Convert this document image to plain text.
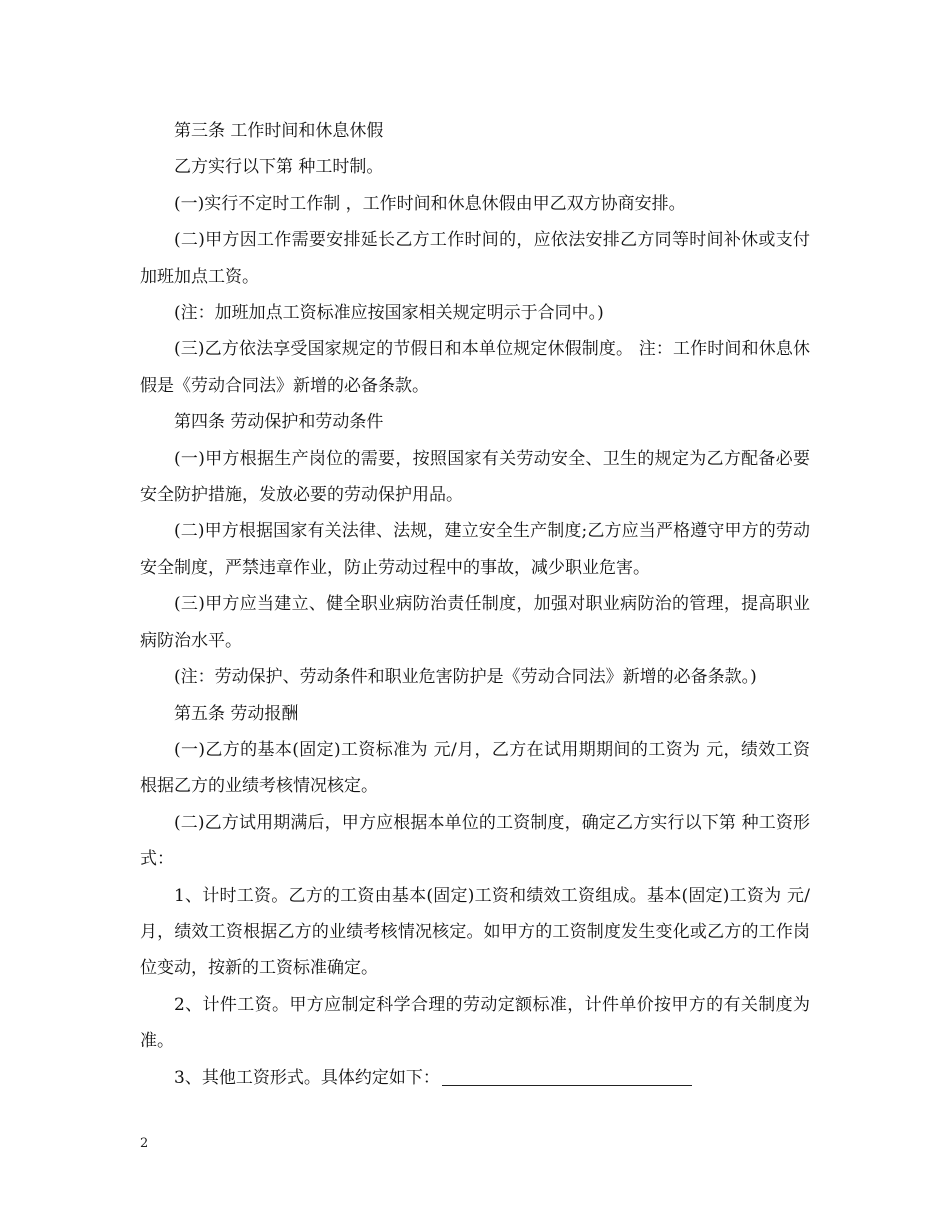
第三条 工作时间和休息休假

乙方实行以下第 种工时制。

(一)实行不定时工作制 ，工作时间和休息休假由甲乙双方协商安排。

(二)甲方因工作需要安排延长乙方工作时间的，应依法安排乙方同等时间补休或支付加班加点工资。

(注：加班加点工资标准应按国家相关规定明示于合同中。)

(三)乙方依法享受国家规定的节假日和本单位规定休假制度。 注：工作时间和休息休假是《劳动合同法》新增的必备条款。

第四条 劳动保护和劳动条件

(一)甲方根据生产岗位的需要，按照国家有关劳动安全、卫生的规定为乙方配备必要安全防护措施，发放必要的劳动保护用品。

(二)甲方根据国家有关法律、法规，建立安全生产制度;乙方应当严格遵守甲方的劳动安全制度，严禁违章作业，防止劳动过程中的事故，减少职业危害。

(三)甲方应当建立、健全职业病防治责任制度，加强对职业病防治的管理，提高职业病防治水平。

(注：劳动保护、劳动条件和职业危害防护是《劳动合同法》新增的必备条款。)

第五条 劳动报酬

(一)乙方的基本(固定)工资标准为 元/月，乙方在试用期期间的工资为 元，绩效工资根据乙方的业绩考核情况核定。

(二)乙方试用期满后，甲方应根据本单位的工资制度，确定乙方实行以下第 种工资形式：

1、计时工资。乙方的工资由基本(固定)工资和绩效工资组成。基本(固定)工资为 元/月，绩效工资根据乙方的业绩考核情况核定。如甲方的工资制度发生变化或乙方的工作岗位变动，按新的工资标准确定。

2、计件工资。甲方应制定科学合理的劳动定额标准，计件单价按甲方的有关制度为准。

3、其他工资形式。具体约定如下：

2
